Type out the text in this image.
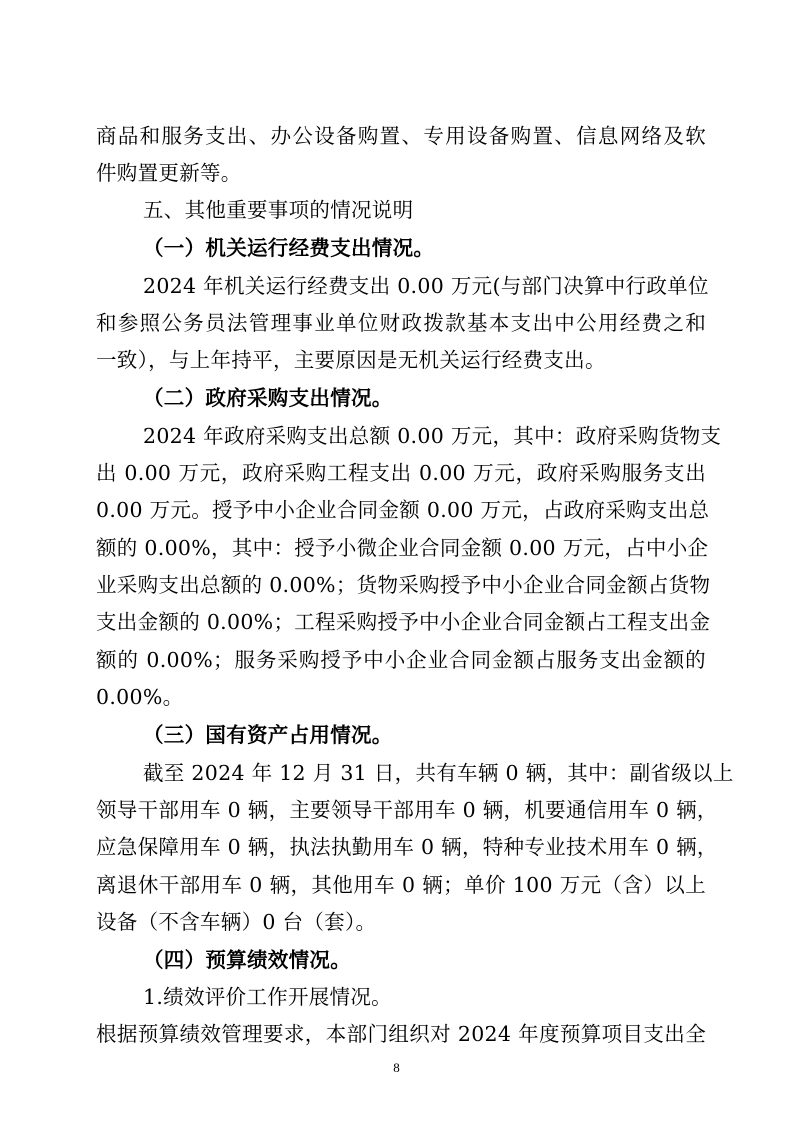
商品和服务支出、办公设备购置、专用设备购置、信息网络及软
件购置更新等。
五、其他重要事项的情况说明
（一）机关运行经费支出情况。
2024 年机关运行经费支出 0.00 万元(与部门决算中行政单位
和参照公务员法管理事业单位财政拨款基本支出中公用经费之和
一致），与上年持平，主要原因是无机关运行经费支出。
（二）政府采购支出情况。
2024 年政府采购支出总额 0.00 万元，其中：政府采购货物支
出 0.00 万元，政府采购工程支出 0.00 万元，政府采购服务支出
0.00 万元。授予中小企业合同金额 0.00 万元，占政府采购支出总
额的 0.00%，其中：授予小微企业合同金额 0.00 万元，占中小企
业采购支出总额的 0.00%；货物采购授予中小企业合同金额占货物
支出金额的 0.00%；工程采购授予中小企业合同金额占工程支出金
额的 0.00%；服务采购授予中小企业合同金额占服务支出金额的
0.00%。
（三）国有资产占用情况。
截至 2024 年 12 月 31 日，共有车辆 0 辆，其中：副省级以上
领导干部用车 0 辆，主要领导干部用车 0 辆，机要通信用车 0 辆，
应急保障用车 0 辆，执法执勤用车 0 辆，特种专业技术用车 0 辆，
离退休干部用车 0 辆，其他用车 0 辆；单价 100 万元（含）以上
设备（不含车辆）0 台（套）。
（四）预算绩效情况。
1.绩效评价工作开展情况。
根据预算绩效管理要求，本部门组织对 2024 年度预算项目支出全
8
